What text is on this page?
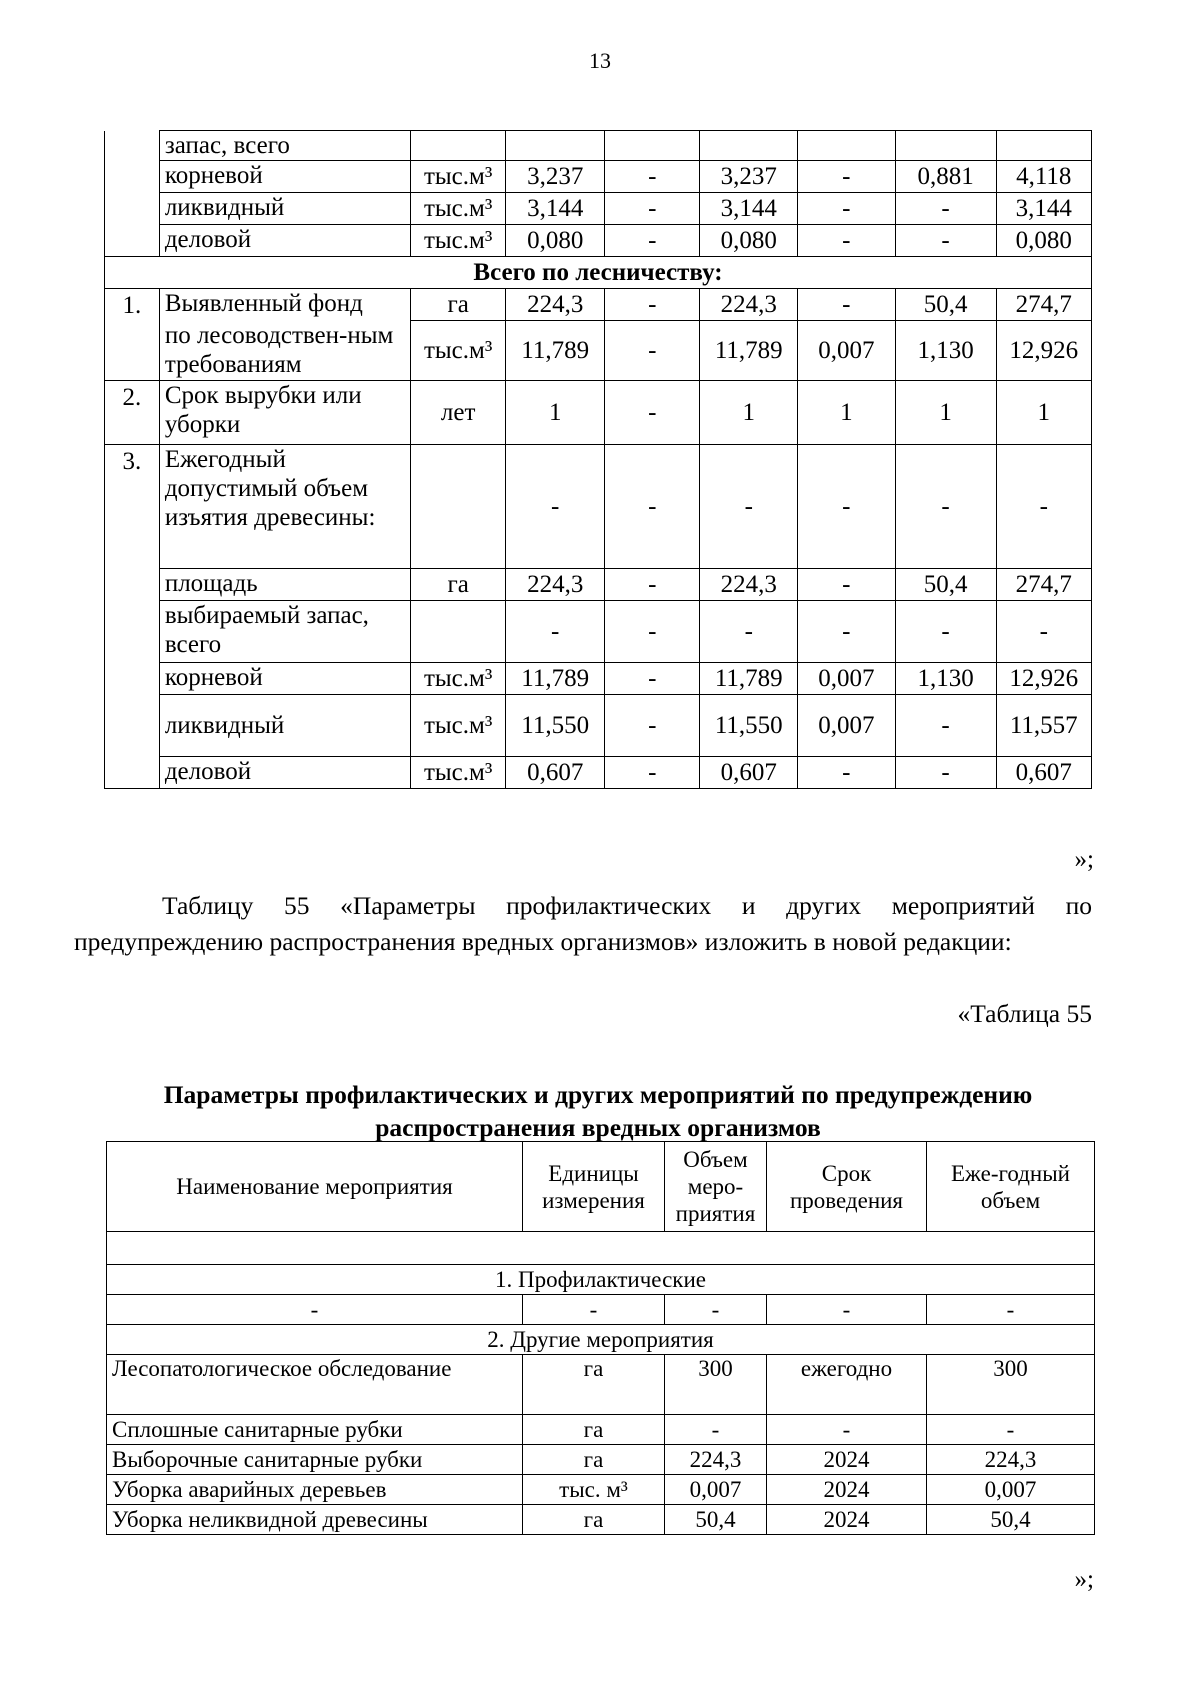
13
	запас, всего							
	корневой	тыс.м³	3,237	-	3,237	-	0,881	4,118
	ликвидный	тыс.м³	3,144	-	3,144	-	-	3,144
	деловой	тыс.м³	0,080	-	0,080	-	-	0,080
Всего по лесничеству:								
1.	Выявленный фонд	га	224,3	-	224,3	-	50,4	274,7
	по лесоводствен-ным требованиям	тыс.м³	11,789	-	11,789	0,007	1,130	12,926
2.	Срок вырубки или уборки	лет	1	-	1	1	1	1
3.	Ежегодный допустимый объем изъятия древесины:		-	-	-	-	-	-
	площадь	га	224,3	-	224,3	-	50,4	274,7
	выбираемый запас, всего		-	-	-	-	-	-
	корневой	тыс.м³	11,789	-	11,789	0,007	1,130	12,926
	ликвидный	тыс.м³	11,550	-	11,550	0,007	-	11,557
	деловой	тыс.м³	0,607	-	0,607	-	-	0,607
»;

Таблицу 55 «Параметры профилактических и других мероприятий по предупреждению распространения вредных организмов» изложить в новой редакции:

«Таблица 55
Параметры профилактических и других мероприятий по предупреждению распространения вредных организмов
Наименование мероприятия	Единицы измерения	Объем меро-приятия	Срок проведения	Еже-годный объем

1. Профилактические				
-	-	-	-	-
2. Другие мероприятия				
Лесопатологическое обследование	га	300	ежегодно	300
Сплошные санитарные рубки	га	-	-	-
Выборочные санитарные рубки	га	224,3	2024	224,3
Уборка аварийных деревьев	тыс. м³	0,007	2024	0,007
Уборка неликвидной древесины	га	50,4	2024	50,4
»;
